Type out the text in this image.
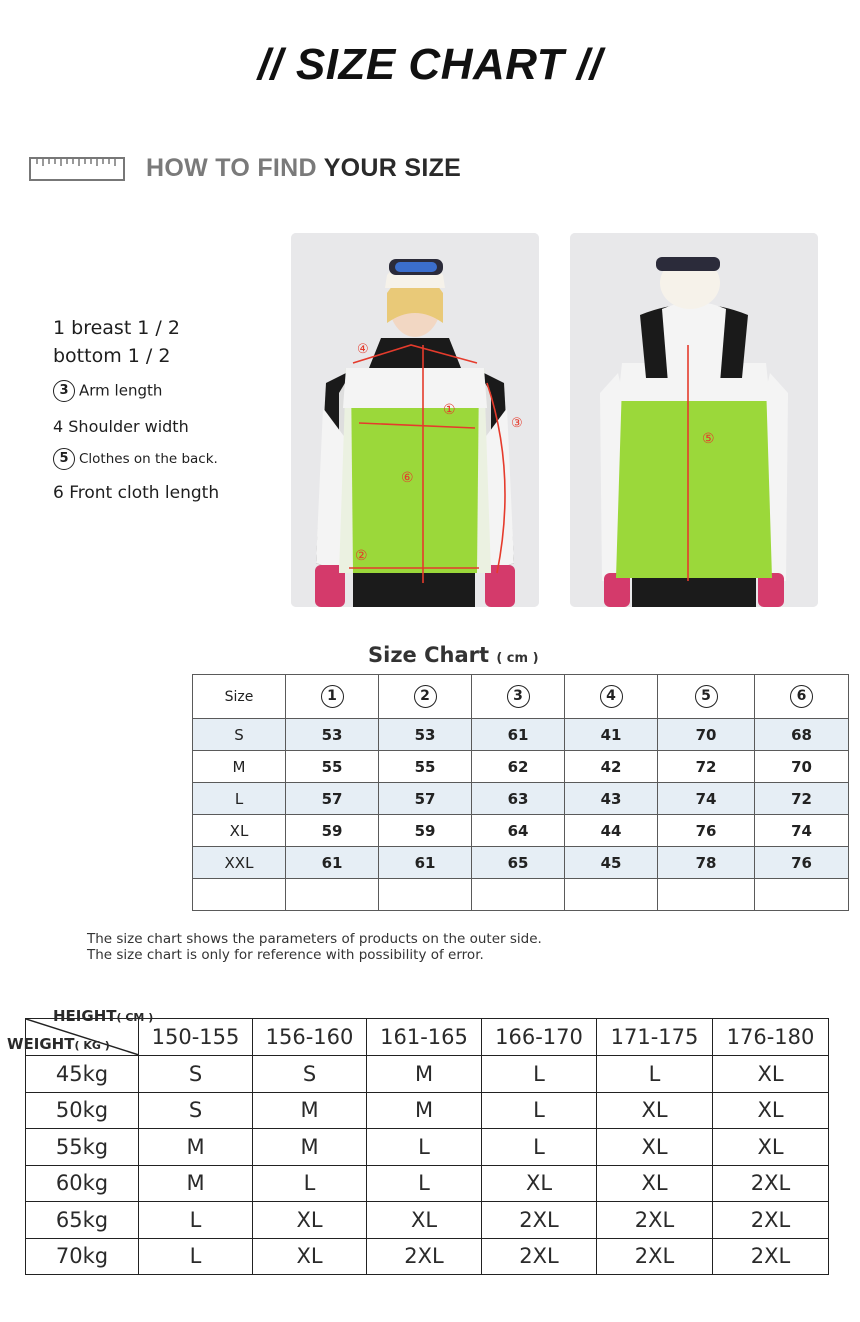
// SIZE CHART //
HOW TO FIND YOUR SIZE
1 breast 1 / 2
bottom 1 / 2
3 Arm length
4 Shoulder width
5 Clothes on the back.
6 Front cloth length
④
①
③
⑥
②
⑤
Size Chart ( cm )
Size	1	2	3	4	5	6
S	53	53	61	41	70	68
M	55	55	62	42	72	70
L	57	57	63	43	74	72
XL	59	59	64	44	76	74
XXL	61	61	65	45	78	76

The size chart shows the parameters of products on the outer side.
The size chart is only for reference with possibility of error.
HEIGHT( CM )
WEIGHT( KG )	150-155	156-160	161-165	166-170	171-175	176-180
45kg	S	S	M	L	L	XL
50kg	S	M	M	L	XL	XL
55kg	M	M	L	L	XL	XL
60kg	M	L	L	XL	XL	2XL
65kg	L	XL	XL	2XL	2XL	2XL
70kg	L	XL	2XL	2XL	2XL	2XL
